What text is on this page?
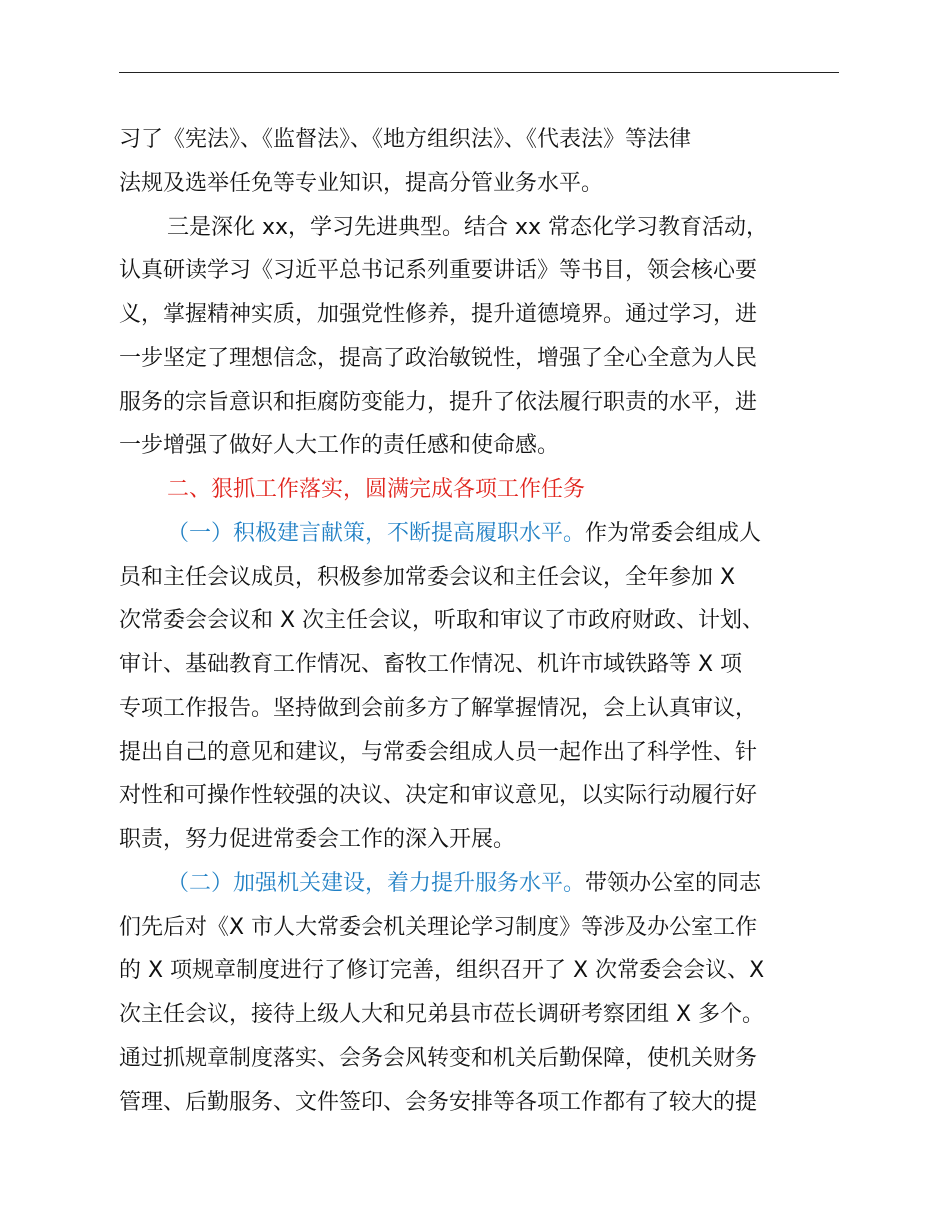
习了《宪法》、《监督法》、《地方组织法》、《代表法》等法律
法规及选举任免等专业知识，提高分管业务水平。
三是深化 xx，学习先进典型。结合 xx 常态化学习教育活动，
认真研读学习《习近平总书记系列重要讲话》等书目，领会核心要
义，掌握精神实质，加强党性修养，提升道德境界。通过学习，进
一步坚定了理想信念，提高了政治敏锐性，增强了全心全意为人民
服务的宗旨意识和拒腐防变能力，提升了依法履行职责的水平，进
一步增强了做好人大工作的责任感和使命感。
二、狠抓工作落实，圆满完成各项工作任务
（一）积极建言献策，不断提高履职水平。作为常委会组成人
员和主任会议成员，积极参加常委会议和主任会议，全年参加 X
次常委会会议和 X 次主任会议，听取和审议了市政府财政、计划、
审计、基础教育工作情况、畜牧工作情况、机许市域铁路等 X 项
专项工作报告。坚持做到会前多方了解掌握情况，会上认真审议，
提出自己的意见和建议，与常委会组成人员一起作出了科学性、针
对性和可操作性较强的决议、决定和审议意见，以实际行动履行好
职责，努力促进常委会工作的深入开展。
（二）加强机关建设，着力提升服务水平。带领办公室的同志
们先后对《X 市人大常委会机关理论学习制度》等涉及办公室工作
的 X 项规章制度进行了修订完善，组织召开了 X 次常委会会议、X
次主任会议，接待上级人大和兄弟县市莅长调研考察团组 X 多个。
通过抓规章制度落实、会务会风转变和机关后勤保障，使机关财务
管理、后勤服务、文件签印、会务安排等各项工作都有了较大的提
